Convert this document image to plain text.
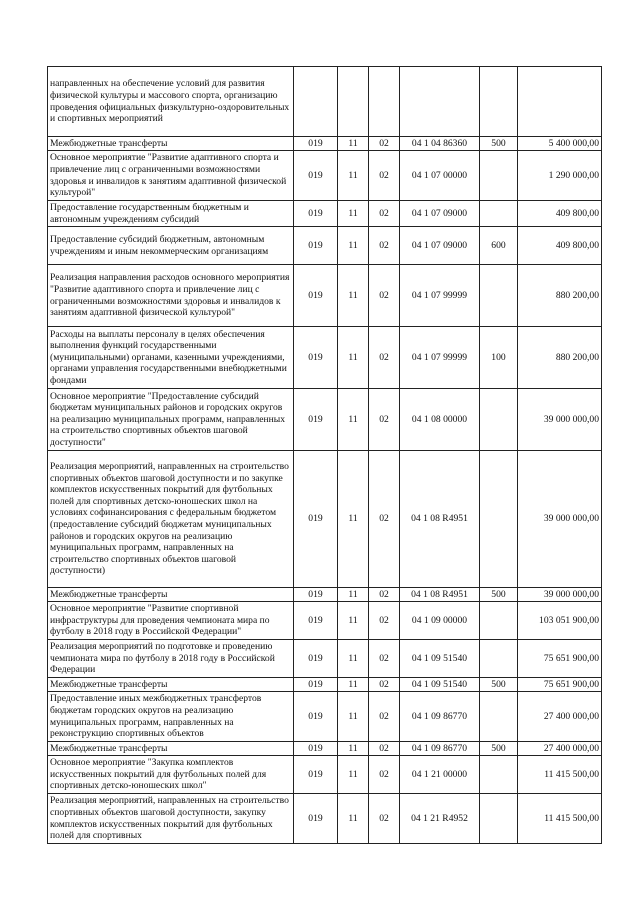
направленных на обеспечение условий для развития физической культуры и массового спорта, организацию проведения официальных физкультурно-оздоровительных и спортивных мероприятий						
Межбюджетные трансферты	019	11	02	04 1 04 86360	500	5 400 000,00
Основное мероприятие "Развитие адаптивного спорта и привлечение лиц с ограниченными возможностями здоровья и инвалидов к занятиям адаптивной физической культурой"	019	11	02	04 1 07 00000		1 290 000,00
Предоставление государственным бюджетным и автономным учреждениям субсидий	019	11	02	04 1 07 09000		409 800,00
Предоставление субсидий бюджетным, автономным учреждениям и иным некоммерческим организациям	019	11	02	04 1 07 09000	600	409 800,00
Реализация направления расходов основного мероприятия "Развитие адаптивного спорта и привлечение лиц с ограниченными возможностями здоровья и инвалидов к занятиям адаптивной физической культурой"	019	11	02	04 1 07 99999		880 200,00
Расходы на выплаты персоналу в целях обеспечения выполнения функций государственными (муниципальными) органами, казенными учреждениями, органами управления государственными внебюджетными фондами	019	11	02	04 1 07 99999	100	880 200,00
Основное мероприятие "Предоставление субсидий бюджетам муниципальных районов и городских округов на реализацию муниципальных программ, направленных на строительство спортивных объектов шаговой доступности"	019	11	02	04 1 08 00000		39 000 000,00
Реализация мероприятий, направленных на строительство спортивных объектов шаговой доступности и по закупке комплектов искусственных покрытий для футбольных полей для спортивных детско-юношеских школ на условиях софинансирования с федеральным бюджетом (предоставление субсидий бюджетам муниципальных районов и городских округов на реализацию муниципальных программ, направленных на строительство спортивных объектов шаговой доступности)	019	11	02	04 1 08 R4951		39 000 000,00
Межбюджетные трансферты	019	11	02	04 1 08 R4951	500	39 000 000,00
Основное мероприятие "Развитие спортивной инфраструктуры для проведения чемпионата мира по футболу в 2018 году в Российской Федерации"	019	11	02	04 1 09 00000		103 051 900,00
Реализация мероприятий по подготовке и проведению чемпионата мира по футболу в 2018 году в Российской Федерации	019	11	02	04 1 09 51540		75 651 900,00
Межбюджетные трансферты	019	11	02	04 1 09 51540	500	75 651 900,00
Предоставление иных межбюджетных трансфертов бюджетам городских округов на реализацию муниципальных программ, направленных на реконструкцию спортивных объектов	019	11	02	04 1 09 86770		27 400 000,00
Межбюджетные трансферты	019	11	02	04 1 09 86770	500	27 400 000,00
Основное мероприятие "Закупка комплектов искусственных покрытий для футбольных полей для спортивных детско-юношеских школ"	019	11	02	04 1 21 00000		11 415 500,00
Реализация мероприятий, направленных на строительство спортивных объектов шаговой доступности, закупку комплектов искусственных покрытий для футбольных полей для спортивных	019	11	02	04 1 21 R4952		11 415 500,00
